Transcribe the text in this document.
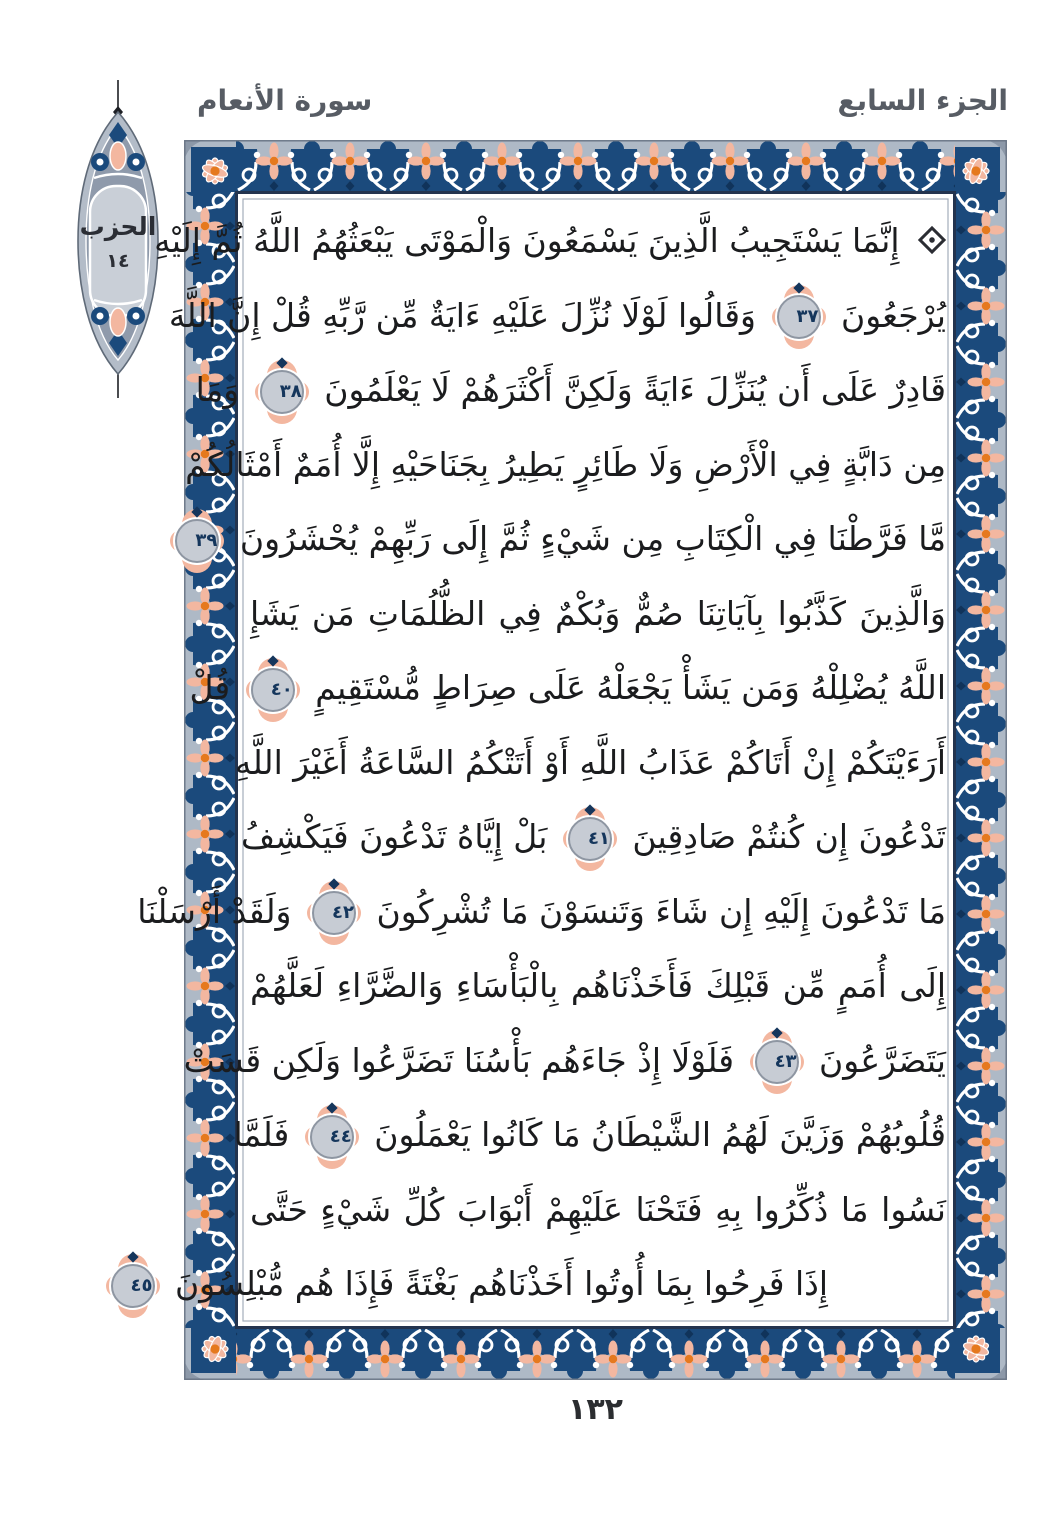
الجزء السابع
سورة الأنعام
الحزب
١٤
إِنَّمَا يَسْتَجِيبُ الَّذِينَ يَسْمَعُونَ وَالْمَوْتَى يَبْعَثُهُمُ اللَّهُ ثُمَّ إِلَيْهِ
يُرْجَعُونَ
٣٧
وَقَالُوا لَوْلَا نُزِّلَ عَلَيْهِ ءَايَةٌ مِّن رَّبِّهِ قُلْ إِنَّ اللَّهَ
قَادِرٌ عَلَى أَن يُنَزِّلَ ءَايَةً وَلَكِنَّ أَكْثَرَهُمْ لَا يَعْلَمُونَ
٣٨
وَمَا
مِن دَابَّةٍ فِي الْأَرْضِ وَلَا طَائِرٍ يَطِيرُ بِجَنَاحَيْهِ إِلَّا أُمَمٌ أَمْثَالُكُمْ
مَّا فَرَّطْنَا فِي الْكِتَابِ مِن شَيْءٍ ثُمَّ إِلَى رَبِّهِمْ يُحْشَرُونَ
٣٩
وَالَّذِينَ كَذَّبُوا بِآيَاتِنَا صُمٌّ وَبُكْمٌ فِي الظُّلُمَاتِ مَن يَشَإِ
اللَّهُ يُضْلِلْهُ وَمَن يَشَأْ يَجْعَلْهُ عَلَى صِرَاطٍ مُّسْتَقِيمٍ
٤٠
قُلْ
أَرَءَيْتَكُمْ إِنْ أَتَاكُمْ عَذَابُ اللَّهِ أَوْ أَتَتْكُمُ السَّاعَةُ أَغَيْرَ اللَّهِ
تَدْعُونَ إِن كُنتُمْ صَادِقِينَ
٤١
بَلْ إِيَّاهُ تَدْعُونَ فَيَكْشِفُ
مَا تَدْعُونَ إِلَيْهِ إِن شَاءَ وَتَنسَوْنَ مَا تُشْرِكُونَ
٤٢
وَلَقَدْ أَرْسَلْنَا
إِلَى أُمَمٍ مِّن قَبْلِكَ فَأَخَذْنَاهُم بِالْبَأْسَاءِ وَالضَّرَّاءِ لَعَلَّهُمْ
يَتَضَرَّعُونَ
٤٣
فَلَوْلَا إِذْ جَاءَهُم بَأْسُنَا تَضَرَّعُوا وَلَكِن قَسَتْ
قُلُوبُهُمْ وَزَيَّنَ لَهُمُ الشَّيْطَانُ مَا كَانُوا يَعْمَلُونَ
٤٤
فَلَمَّا
نَسُوا مَا ذُكِّرُوا بِهِ فَتَحْنَا عَلَيْهِمْ أَبْوَابَ كُلِّ شَيْءٍ حَتَّى
إِذَا فَرِحُوا بِمَا أُوتُوا أَخَذْنَاهُم بَغْتَةً فَإِذَا هُم مُّبْلِسُونَ
٤٥
١٣٢
